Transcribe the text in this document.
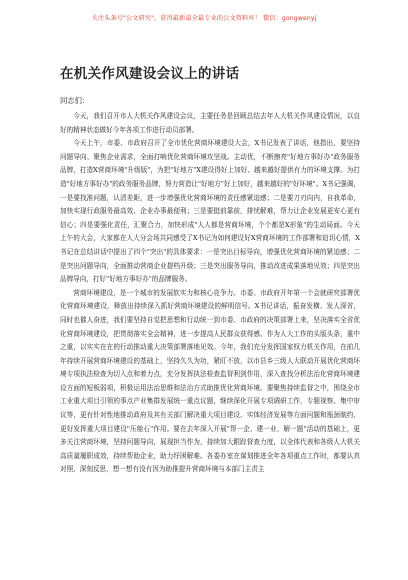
关注头条号"公文研究"，获得最新最全最专业的公文资料库！ 微信：gongwenyj
在机关作风建设会议上的讲话
同志们：

今天，我们召开市人大机关作风建设会议，主要任务是回顾总结去年人大机关作风建设情况，以良好的精神状态做好今年各项工作进行动员部署。

今天上午，市委、市政府召开了全市优化营商环境建设大会，X书记发表了讲话，他指出，要坚持问题导向、聚焦企业需求，全面打响优化营商环境攻坚战。主动优，不断擦亮"好地方事好办"政务服务品牌，打造X营商环境"升级版"，为把"好地方"X建设得好上加好、越来越好提供有力的环境支撑。为打造"好地方事好办"的政务服务品牌，努力营造让"好地方"好上加好，越来越好的"好环境"。X书记强调，一是要找准问题，认清差距，进一步增强优化营商环境的责任感紧迫感；二是要刀刃向内，自我革命，加快实现行政服务最高效、企业办事最便利；三是要挺前靠前，排忧解难，帮力让企业发展更安心更有信心；四是要强化责任，汇聚合力，加快形成"人人都是营商环境，个个都是X形象"的生动局面。今天上午的大会，大家都在人大分会场共同感受了X书记为如何建设好X营商环境的工作部署和迫切心情，X书记在总结讲话中提出了四个"突出"的具体要求：一是突出目标导向，增强优化营商环境的紧迫感；二是突出问题导向，全面推动营商企业提档升级；三是突出服务导向，推动改进成果落地见效；四是突出品牌导向，打好"好地方事好办"的品牌服务。

营商环境建设，是一个城市的发展软实力和核心竞争力。市委、市政府开年第一个会就研究部署优化营商环境建设，释放出持续深入抓好营商环境建设的鲜明信号。X书记讲话，振奋发横、发人深省，同时也催人奋进，我们要坚持自觉把思想和行动统一到市委、市政府的决策部署上来，坚决落实全省优化营商环境建设，把贯彻落实全会精神，进一步提高人民群众获得感、作为人大工作的头版头条，重中之重，以实实在在的行动推动重大决策部署落地见效。今年，我们充分发挥国家权力机关作用，在前几年持续开展营商环境建设的基础上，坚持久久为功，紧盯不放，以市县乡三级人大联动开展优化营商环境专项执法检查为切入点和着力点，充分发挥执法检查监督利剑作用，深入查找分析法治化营商环境建设方面的短板弱项，积极运用法治思维和法治方式助推优化营商环境。要聚焦持续监督之中，围绕全市工业重大项目引领的事点产业集群发展统一重点议题，继续深化开展专项调研工作，专题视察、集中审议等，更有针对性地推动政府及其有关部门解决重大项目建设、实体经济发展等方面问题和瓶颈制约，更好发挥重大项目建设"压舱石"作用。要在去年深入开展"帮一企、建一业、解一题"活动的基础上，更多关注营商环境，坚持问题导向，展现担当作为，持续加大跟踪督查力度，以全体代表和各级人大机关高质量履职成效，持续帮助企业，助力纾困解难。各委办室在谋划推进全年各项重点工作时，都要认真对照、深刻反思，想一想有没有因为助推提升营商环境与本部门主责主
